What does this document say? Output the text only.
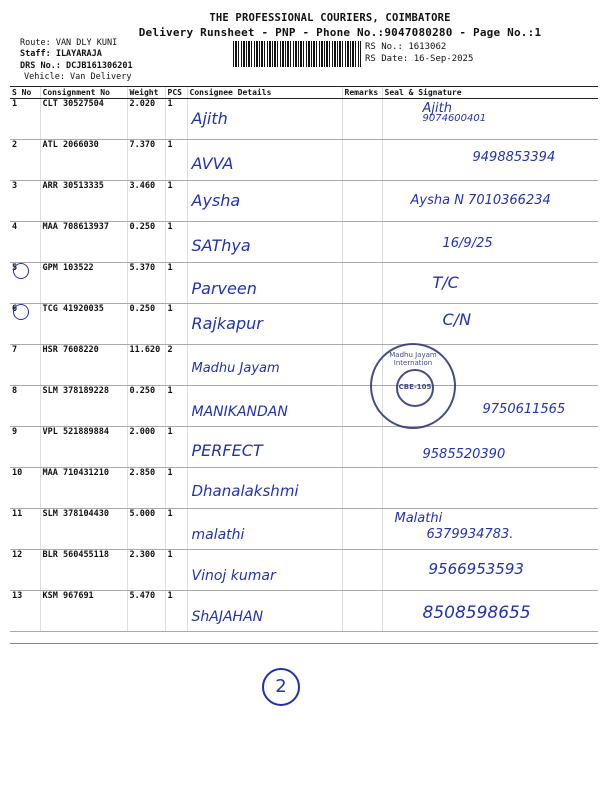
THE PROFESSIONAL COURIERS, COIMBATORE
Delivery Runsheet - PNP - Phone No.:9047080280 - Page No.:1
Route: VAN DLY KUNI
Staff: ILAYARAJA
DRS No.: DCJB161306201
Vehicle: Van Delivery
RS No.: 1613062
RS Date: 16-Sep-2025
S No	Consignment No	Weight	PCS	Consignee Details	Remarks	Seal & Signature
1	CLT 30527504	2.020	1	Ajith		Ajith
9074600401

2	ATL 2066030	7.370	1	AVVA		9498853394

3	ARR 30513335	3.460	1	Aysha		Aysha N 7010366234

4	MAA 708613937	0.250	1	SAThya		16/9/25

5	GPM 103522	5.370	1	Parveen		T/C

6	TCG 41920035	0.250	1	Rajkapur		C/N

7	HSR 7608220	11.620	2	Madhu Jayam		

8	SLM 378189228	0.250	1	MANIKANDAN		9750611565

9	VPL 521889884	2.000	1	PERFECT		9585520390

10	MAA 710431210	2.850	1	Dhanalakshmi		

11	SLM 378104430	5.000	1	malathi		Malathi
6379934783.

12	BLR 560455118	2.300	1	Vinoj kumar		9566953593

13	KSM 967691	5.470	1	ShAJAHAN		8508598655
Madhu Jayam Internation
CBE-105
2
